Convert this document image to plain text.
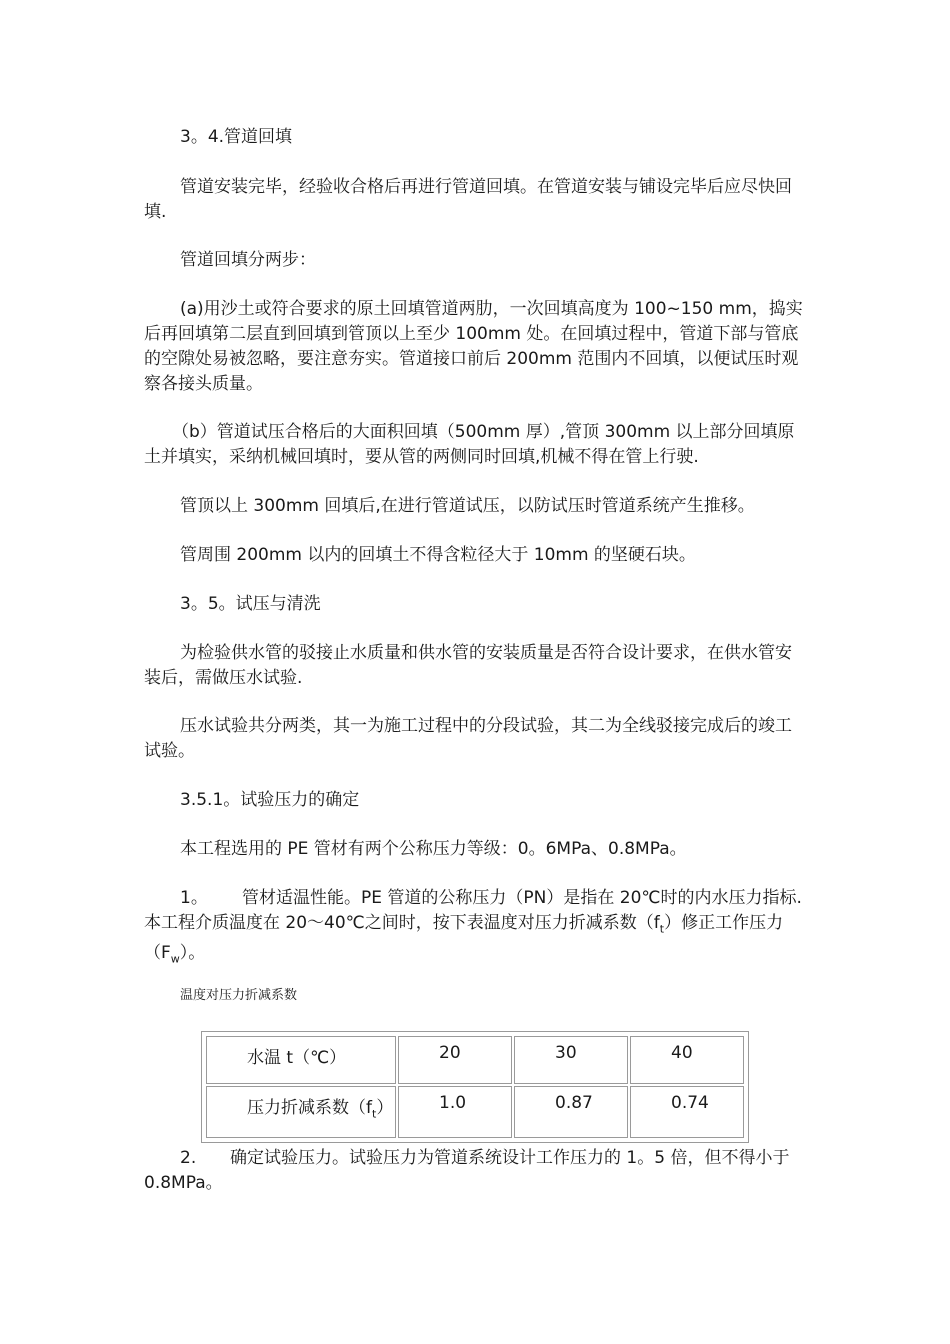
3。4.管道回填

管道安装完毕，经验收合格后再进行管道回填。在管道安装与铺设完毕后应尽快回填.

管道回填分两步：

(a)用沙土或符合要求的原土回填管道两肋，一次回填高度为 100~150 mm，捣实后再回填第二层直到回填到管顶以上至少 100mm 处。在回填过程中，管道下部与管底的空隙处易被忽略，要注意夯实。管道接口前后 200mm 范围内不回填，以便试压时观察各接头质量。

（b）管道试压合格后的大面积回填（500mm 厚）,管顶 300mm 以上部分回填原土并填实，采纳机械回填时，要从管的两侧同时回填,机械不得在管上行驶.

管顶以上 300mm 回填后,在进行管道试压，以防试压时管道系统产生推移。

管周围 200mm 以内的回填土不得含粒径大于 10mm 的坚硬石块。

3。5。试压与清洗

为检验供水管的驳接止水质量和供水管的安装质量是否符合设计要求，在供水管安装后，需做压水试验.

压水试验共分两类，其一为施工过程中的分段试验，其二为全线驳接完成后的竣工试验。

3.5.1。试验压力的确定

本工程选用的 PE 管材有两个公称压力等级：0。6MPa、0.8MPa。

1。 管材适温性能。PE 管道的公称压力（PN）是指在 20℃时的内水压力指标.本工程介质温度在 20～40℃之间时，按下表温度对压力折减系数$(f_t)$修正工作压力$(F_w)$。

温度对压力折减系数

水温 t（℃）	20	30	40
压力折减系数$(f_t)$	1.0	0.87	0.74

2. 确定试验压力。试验压力为管道系统设计工作压力的 1。5 倍，但不得小于 0.8MPa。
